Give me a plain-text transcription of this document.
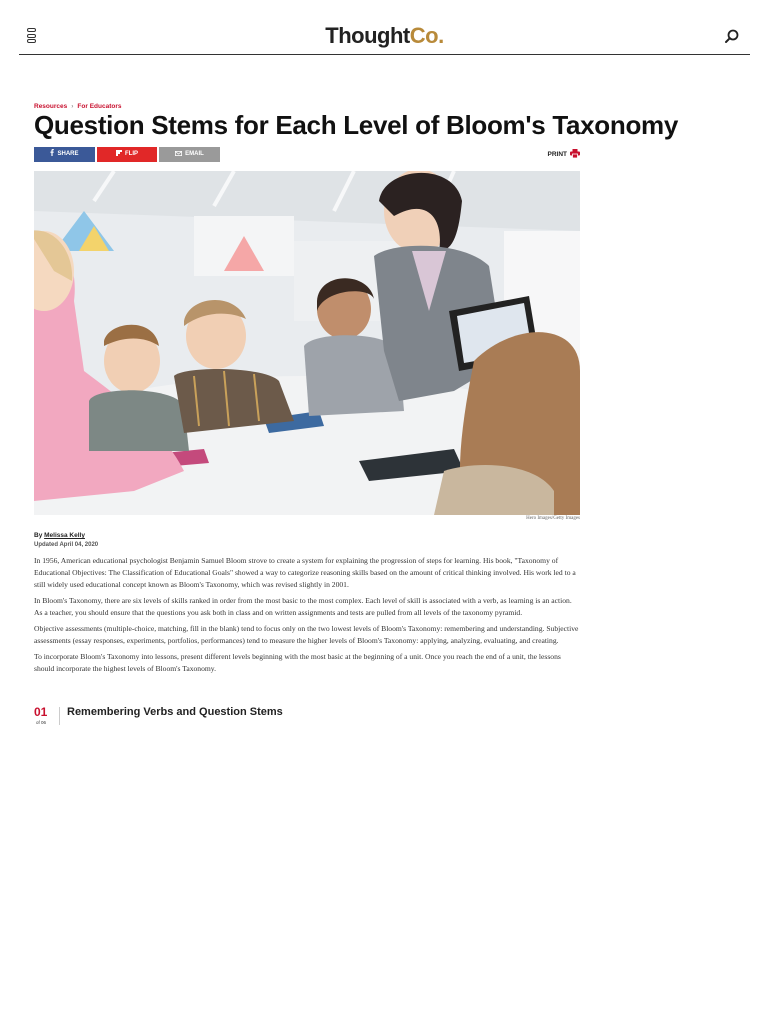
ThoughtCo.
Resources › For Educators
Question Stems for Each Level of Bloom's Taxonomy
SHARE	FLIP	EMAIL	PRINT
Hero Images/Getty Images
By Melissa Kelly
Updated April 04, 2020

In 1956, American educational psychologist Benjamin Samuel Bloom strove to create a system for explaining the progression of steps for learning. His book, "Taxonomy of Educational Objectives: The Classification of Educational Goals" showed a way to categorize reasoning skills based on the amount of critical thinking involved. His work led to a still widely used educational concept known as Bloom's Taxonomy, which was revised slightly in 2001.

In Bloom's Taxonomy, there are six levels of skills ranked in order from the most basic to the most complex. Each level of skill is associated with a verb, as learning is an action. As a teacher, you should ensure that the questions you ask both in class and on written assignments and tests are pulled from all levels of the taxonomy pyramid.

Objective assessments (multiple-choice, matching, fill in the blank) tend to focus only on the two lowest levels of Bloom's Taxonomy: remembering and understanding. Subjective assessments (essay responses, experiments, portfolios, performances) tend to measure the higher levels of Bloom's Taxonomy: applying, analyzing, evaluating, and creating.

To incorporate Bloom's Taxonomy into lessons, present different levels beginning with the most basic at the beginning of a unit. Once you reach the end of a unit, the lessons should incorporate the highest levels of Bloom's Taxonomy.

01
of 06
Remembering Verbs and Question Stems
